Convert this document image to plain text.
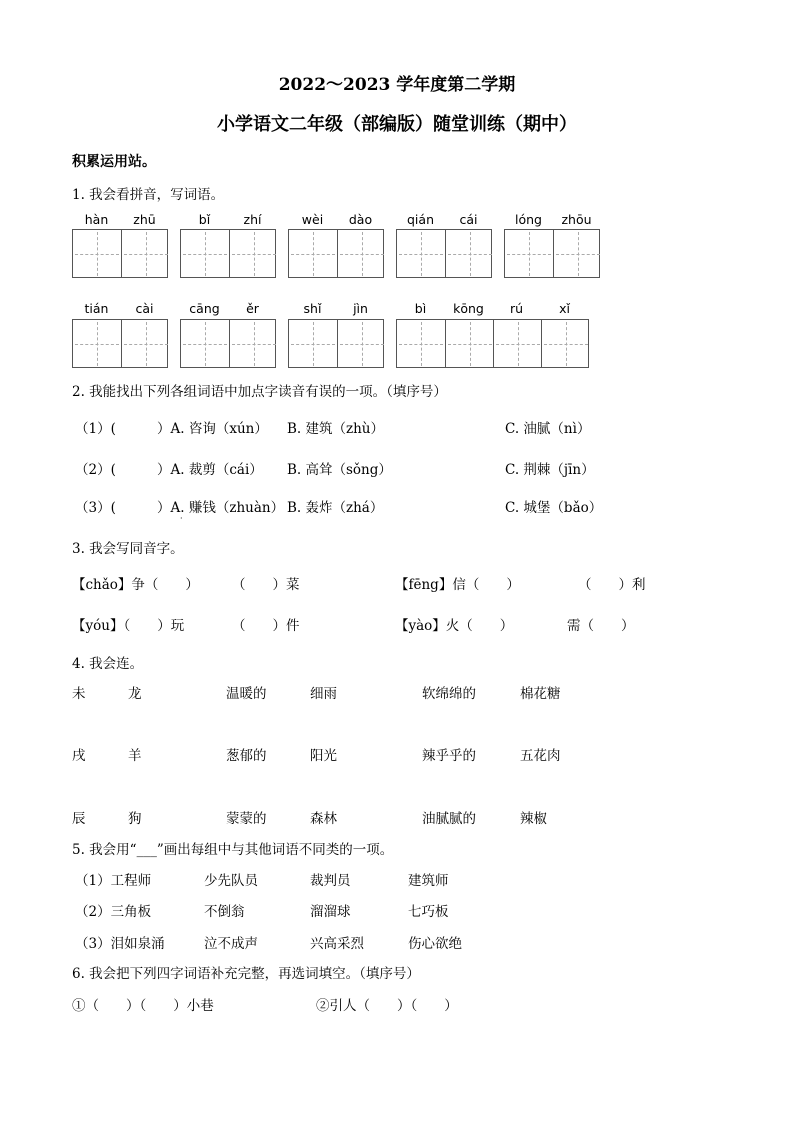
2022～2023 学年度第二学期
小学语文二年级（部编版）随堂训练（期中）
积累运用站。
1. 我会看拼音，写词语。
hàn	zhū	bǐ	zhí	wèi	dào	qián	cái	lóng	zhōu
tián	cài	cāng	ěr	shǐ	jìn	bì	kōng	rú	xǐ
2. 我能找出下列各组词语中加点字读音有误的一项。（填序号）
（1）(	）A. 咨询（xún） B. 建筑（zhù）	C. 油腻（nì）
（2）(	）A. 裁剪（cái） B. 高耸（sǒng）	C. 荆棘（jīn）
（3）(	）A. 赚钱（zhuàn） B. 轰炸（zhá）	C. 城堡（bǎo）
·
3. 我会写同音字。
【chǎo】争（　　） （　　）菜	【fēng】信（　　）	（　　）利
【yóu】（　　）玩	（　　）件	【yào】火（　　）	需（　　）
4. 我会连。
未	龙	温暖的	细雨	软绵绵的	棉花糖
戌	羊	葱郁的	阳光	辣乎乎的	五花肉
辰	狗	蒙蒙的	森林	油腻腻的	辣椒
5. 我会用“___”画出每组中与其他词语不同类的一项。
（1）工程师	少先队员	裁判员	建筑师
（2）三角板	不倒翁	溜溜球	七巧板
（3）泪如泉涌	泣不成声	兴高采烈	伤心欲绝
6. 我会把下列四字词语补充完整，再选词填空。（填序号）
①（　　）（　　）小巷	②引人（　　）（　　）
